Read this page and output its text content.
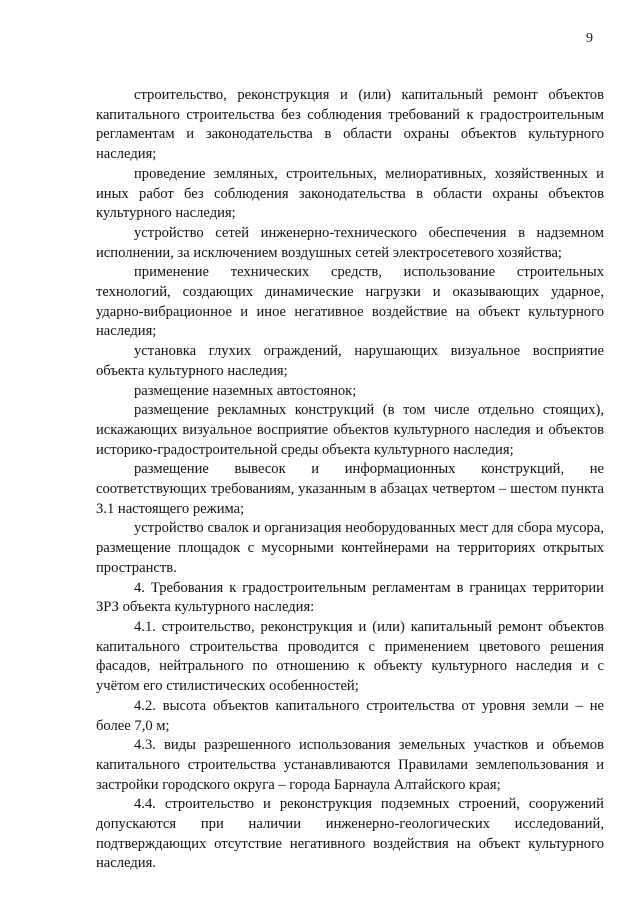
9

строительство, реконструкция и (или) капитальный ремонт объектов капитального строительства без соблюдения требований к градостроительным регламентам и законодательства в области охраны объектов культурного наследия;

проведение земляных, строительных, мелиоративных, хозяйственных и иных работ без соблюдения законодательства в области охраны объектов культурного наследия;

устройство сетей инженерно-технического обеспечения в надземном исполнении, за исключением воздушных сетей электросетевого хозяйства;

применение технических средств, использование строительных технологий, создающих динамические нагрузки и оказывающих ударное, ударно-вибрационное и иное негативное воздействие на объект культурного наследия;

установка глухих ограждений, нарушающих визуальное восприятие объекта культурного наследия;

размещение наземных автостоянок;

размещение рекламных конструкций (в том числе отдельно стоящих), искажающих визуальное восприятие объектов культурного наследия и объектов историко-градостроительной среды объекта культурного наследия;

размещение вывесок и информационных конструкций, не соответствующих требованиям, указанным в абзацах четвертом – шестом пункта 3.1 настоящего режима;

устройство свалок и организация необорудованных мест для сбора мусора, размещение площадок с мусорными контейнерами на территориях открытых пространств.

4. Требования к градостроительным регламентам в границах территории ЗРЗ объекта культурного наследия:

4.1. строительство, реконструкция и (или) капитальный ремонт объектов капитального строительства проводится с применением цветового решения фасадов, нейтрального по отношению к объекту культурного наследия и с учётом его стилистических особенностей;

4.2. высота объектов капитального строительства от уровня земли – не более 7,0 м;

4.3. виды разрешенного использования земельных участков и объемов капитального строительства устанавливаются Правилами землепользования и застройки городского округа – города Барнаула Алтайского края;

4.4. строительство и реконструкция подземных строений, сооружений допускаются при наличии инженерно-геологических исследований, подтверждающих отсутствие негативного воздействия на объект культурного наследия.
